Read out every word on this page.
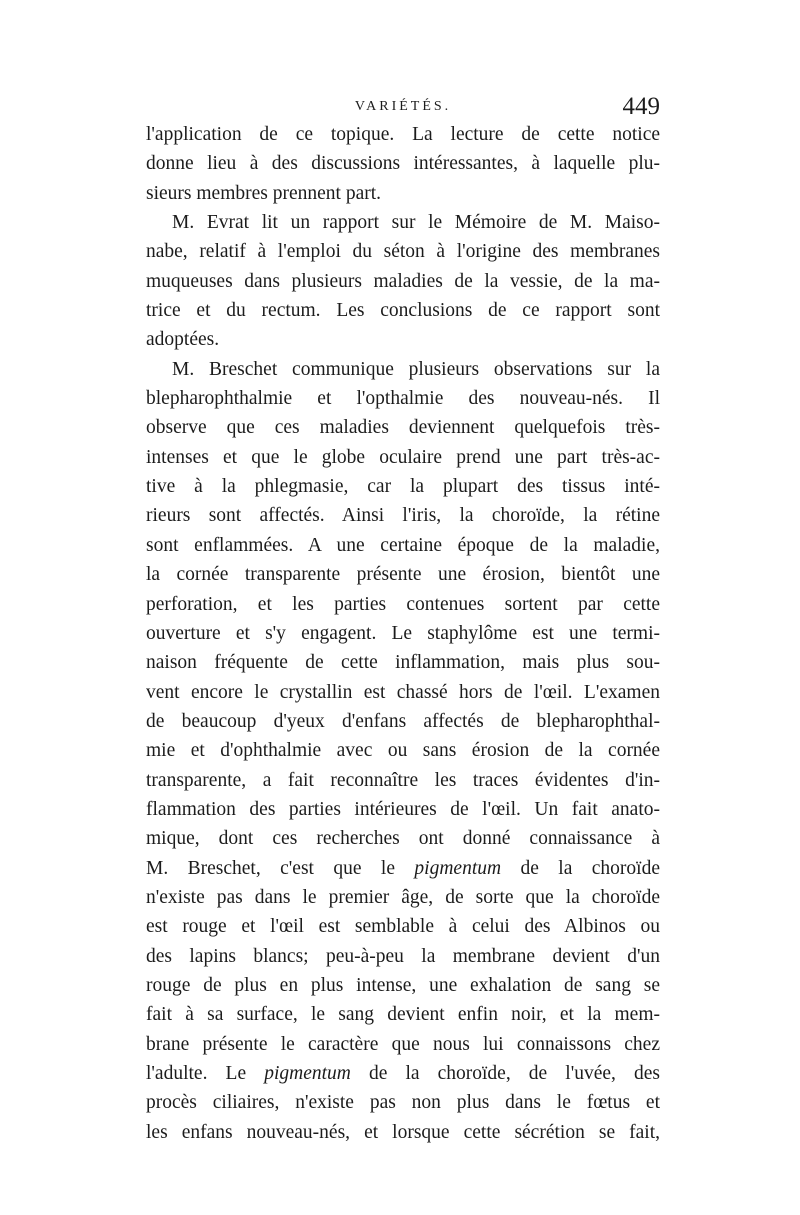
VARIÉTÉS.	449
l'application de ce topique. La lecture de cette notice
donne lieu à des discussions intéressantes, à laquelle plu-
sieurs membres prennent part.
M. Evrat lit un rapport sur le Mémoire de M. Maiso-
nabe, relatif à l'emploi du séton à l'origine des membranes
muqueuses dans plusieurs maladies de la vessie, de la ma-
trice et du rectum. Les conclusions de ce rapport sont
adoptées.
M. Breschet communique plusieurs observations sur la
blepharophthalmie et l'opthalmie des nouveau-nés. Il
observe que ces maladies deviennent quelquefois très-
intenses et que le globe oculaire prend une part très-ac-
tive à la phlegmasie, car la plupart des tissus inté-
rieurs sont affectés. Ainsi l'iris, la choroïde, la rétine
sont enflammées. A une certaine époque de la maladie,
la cornée transparente présente une érosion, bientôt une
perforation, et les parties contenues sortent par cette
ouverture et s'y engagent. Le staphylôme est une termi-
naison fréquente de cette inflammation, mais plus sou-
vent encore le crystallin est chassé hors de l'œil. L'examen
de beaucoup d'yeux d'enfans affectés de blepharophthal-
mie et d'ophthalmie avec ou sans érosion de la cornée
transparente, a fait reconnaître les traces évidentes d'in-
flammation des parties intérieures de l'œil. Un fait anato-
mique, dont ces recherches ont donné connaissance à
M. Breschet, c'est que le pigmentum de la choroïde
n'existe pas dans le premier âge, de sorte que la choroïde
est rouge et l'œil est semblable à celui des Albinos ou
des lapins blancs; peu-à-peu la membrane devient d'un
rouge de plus en plus intense, une exhalation de sang se
fait à sa surface, le sang devient enfin noir, et la mem-
brane présente le caractère que nous lui connaissons chez
l'adulte. Le pigmentum de la choroïde, de l'uvée, des
procès ciliaires, n'existe pas non plus dans le fœtus et
les enfans nouveau-nés, et lorsque cette sécrétion se fait,
